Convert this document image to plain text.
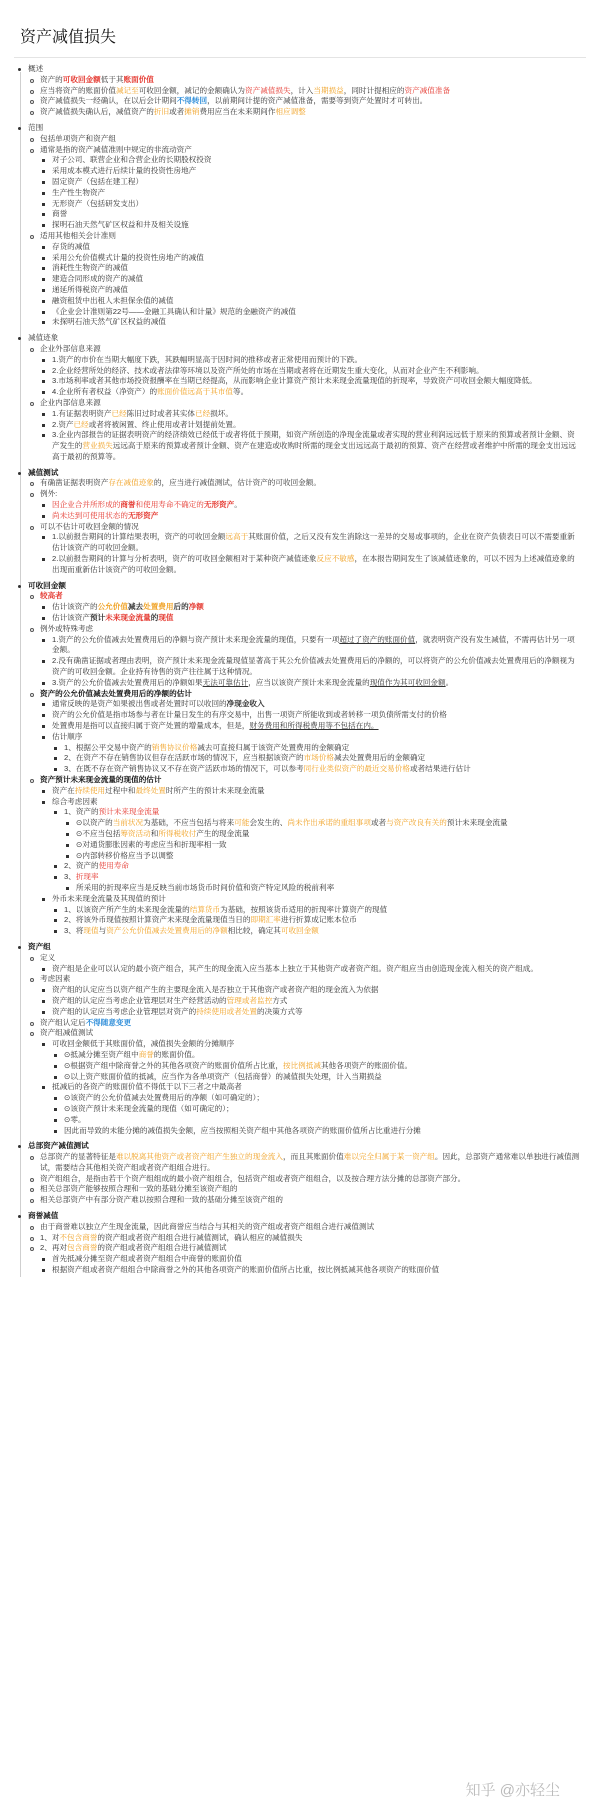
资产减值损失
概述
资产的可收回金额低于其账面价值
应当将资产的账面价值减记至可收回金额，减记的金额确认为资产减值损失，计入当期损益，同时计提相应的资产减值准备
资产减值损失一经确认，在以后会计期间不得转回，以前期间计提的资产减值准备，需要等到资产处置时才可转出。
资产减值损失确认后，减值资产的折旧或者摊销费用应当在未来期间作相应调整
范围
包括单项资产和资产组
通常是指的资产减值准则中规定的非流动资产
对子公司、联营企业和合营企业的长期股权投资
采用成本模式进行后续计量的投资性房地产
固定资产（包括在建工程）
生产性生物资产
无形资产（包括研发支出）
商誉
探明石油天然气矿区权益和井及相关设施
适用其他相关会计准则
存货的减值
采用公允价值模式计量的投资性房地产的减值
消耗性生物资产的减值
建造合同形成的资产的减值
递延所得税资产的减值
融资租赁中出租人未担保余值的减值
《企业会计准则第22号——金融工具确认和计量》规范的金融资产的减值
未探明石油天然气矿区权益的减值
减值迹象
企业外部信息来源
1.资产的市价在当期大幅度下跌，其跌幅明显高于因时间的推移或者正常使用而预计的下跌。
2.企业经营所处的经济、技术或者法律等环境以及资产所处的市场在当期或者将在近期发生重大变化，从而对企业产生不利影响。
3.市场利率或者其他市场投资报酬率在当期已经提高，从而影响企业计算资产预计未来现金流量现值的折现率，导致资产可收回金额大幅度降低。
4.企业所有者权益（净资产）的账面价值远高于其市值等。
企业内部信息来源
1.有证据表明资产已经陈旧过时或者其实体已经损坏。
2.资产已经或者将被闲置、终止使用或者计划提前处置。
3.企业内部报告的证据表明资产的经济绩效已经低于或者将低于预期，如资产所创造的净现金流量或者实现的营业利润远远低于原来的预算或者预计金额、资产发生的营业损失远远高于原来的预算或者预计金额、资产在建造或收购时所需的现金支出远远高于最初的预算、资产在经营或者维护中所需的现金支出远远高于最初的预算等。
减值测试
有确凿证据表明资产存在减值迹象的，应当进行减值测试，估计资产的可收回金额。
例外:
因企业合并所形成的商誉和使用寿命不确定的无形资产。
尚未达到可使用状态的无形资产
可以不估计可收回金额的情况
1.以前报告期间的计算结果表明，资产的可收回金额远高于其账面价值，之后又没有发生消除这一差异的交易或事项的，企业在资产负债表日可以不需要重新估计该资产的可收回金额。
2.以前报告期间的计算与分析表明，资产的可收回金额相对于某种资产减值迹象反应不敏感，在本报告期间发生了该减值迹象的，可以不因为上述减值迹象的出现而重新估计该资产的可收回金额。
可收回金额
较高者
估计该资产的公允价值减去处置费用后的净额
估计该资产预计未来现金流量的现值
例外或特殊考虑
1.资产的公允价值减去处置费用后的净额与资产预计未来现金流量的现值，只要有一项超过了资产的账面价值，就表明资产没有发生减值，不需再估计另一项金额。
2.没有确凿证据或者理由表明，资产预计未来现金流量现值显著高于其公允价值减去处置费用后的净额的，可以将资产的公允价值减去处置费用后的净额视为资产的可收回金额。企业持有待售的资产往往属于这种情况。
3.资产的公允价值减去处置费用后的净额如果无法可靠估计，应当以该资产预计未来现金流量的现值作为其可收回金额。
资产的公允价值减去处置费用后的净额的估计
通常反映的是资产如果被出售或者处置时可以收回的净现金收入
资产的公允价值是指市场参与者在计量日发生的有序交易中，出售一项资产所能收到或者转移一项负债所需支付的价格
处置费用是指可以直接归属于资产处置的增量成本，但是，财务费用和所得税费用等不包括在内。
估计顺序
1、根据公平交易中资产的销售协议价格减去可直接归属于该资产处置费用的金额确定
2、在资产不存在销售协议但存在活跃市场的情况下，应当根据该资产的市场价格减去处置费用后的金额确定
3、在既不存在资产销售协议又不存在资产活跃市场的情况下，可以参考同行业类似资产的最近交易价格或者结果进行估计
资产预计未来现金流量的现值的估计
资产在持续使用过程中和最终处置时所产生的预计未来现金流量
综合考虑因素
1、资产的预计未来现金流量
⊙以资产的当前状况为基础，不应当包括与将来可能会发生的、尚未作出承诺的重组事项或者与资产改良有关的预计未来现金流量
⊙不应当包括筹资活动和所得税收付产生的现金流量
⊙对通货膨胀因素的考虑应当和折现率相一致
⊙内部转移价格应当予以调整
2、资产的使用寿命
3、折现率
所采用的折现率应当是反映当前市场货币时间价值和资产特定风险的税前利率
外币未来现金流量及其现值的预计
1、以该资产所产生的未来现金流量的结算货币为基础，按照该货币适用的折现率计算资产的现值
2、将该外币现值按照计算资产未来现金流量现值当日的即期汇率进行折算成记账本位币
3、将现值与资产公允价值减去处置费用后的净额相比较，确定其可收回金额
资产组
定义
资产组是企业可以认定的最小资产组合，其产生的现金流入应当基本上独立于其他资产或者资产组。资产组应当由创造现金流入相关的资产组成。
考虑因素
资产组的认定应当以资产组产生的主要现金流入是否独立于其他资产或者资产组的现金流入为依据
资产组的认定应当考虑企业管理层对生产经营活动的管理或者监控方式
资产组的认定应当考虑企业管理层对资产的持续使用或者处置的决策方式等
资产组认定后不得随意变更
资产组减值测试
可收回金额低于其账面价值，减值损失金额的分摊顺序
⊙抵减分摊至资产组中商誉的账面价值。
⊙根据资产组中除商誉之外的其他各项资产的账面价值所占比重，按比例抵减其他各项资产的账面价值。
⊙以上资产账面价值的抵减，应当作为各单项资产（包括商誉）的减值损失处理，计入当期损益
抵减后的各资产的账面价值不得低于以下三者之中最高者
⊙该资产的公允价值减去处置费用后的净额（如可确定的）；
⊙该资产预计未来现金流量的现值（如可确定的）；
⊙零。
因此而导致的未能分摊的减值损失金额，应当按照相关资产组中其他各项资产的账面价值所占比重进行分摊
总部资产减值测试
总部资产的显著特征是难以脱离其他资产或者资产组产生独立的现金流入，而且其账面价值难以完全归属于某一资产组。因此，总部资产通常难以单独进行减值测试，需要结合其他相关资产组或者资产组组合进行。
资产组组合，是指由若干个资产组组成的最小资产组组合，包括资产组或者资产组组合，以及按合理方法分摊的总部资产部分。
相关总部资产能够按照合理和一致的基础分摊至该资产组的
相关总部资产中有部分资产难以按照合理和一致的基础分摊至该资产组的
商誉减值
由于商誉难以独立产生现金流量，因此商誉应当结合与其相关的资产组或者资产组组合进行减值测试
1、对不包含商誉的资产组或者资产组组合进行减值测试，确认相应的减值损失
2、再对包含商誉的资产组或者资产组组合进行减值测试
首先抵减分摊至资产组或者资产组组合中商誉的账面价值
根据资产组或者资产组组合中除商誉之外的其他各项资产的账面价值所占比重，按比例抵减其他各项资产的账面价值
知乎 @亦轻尘
